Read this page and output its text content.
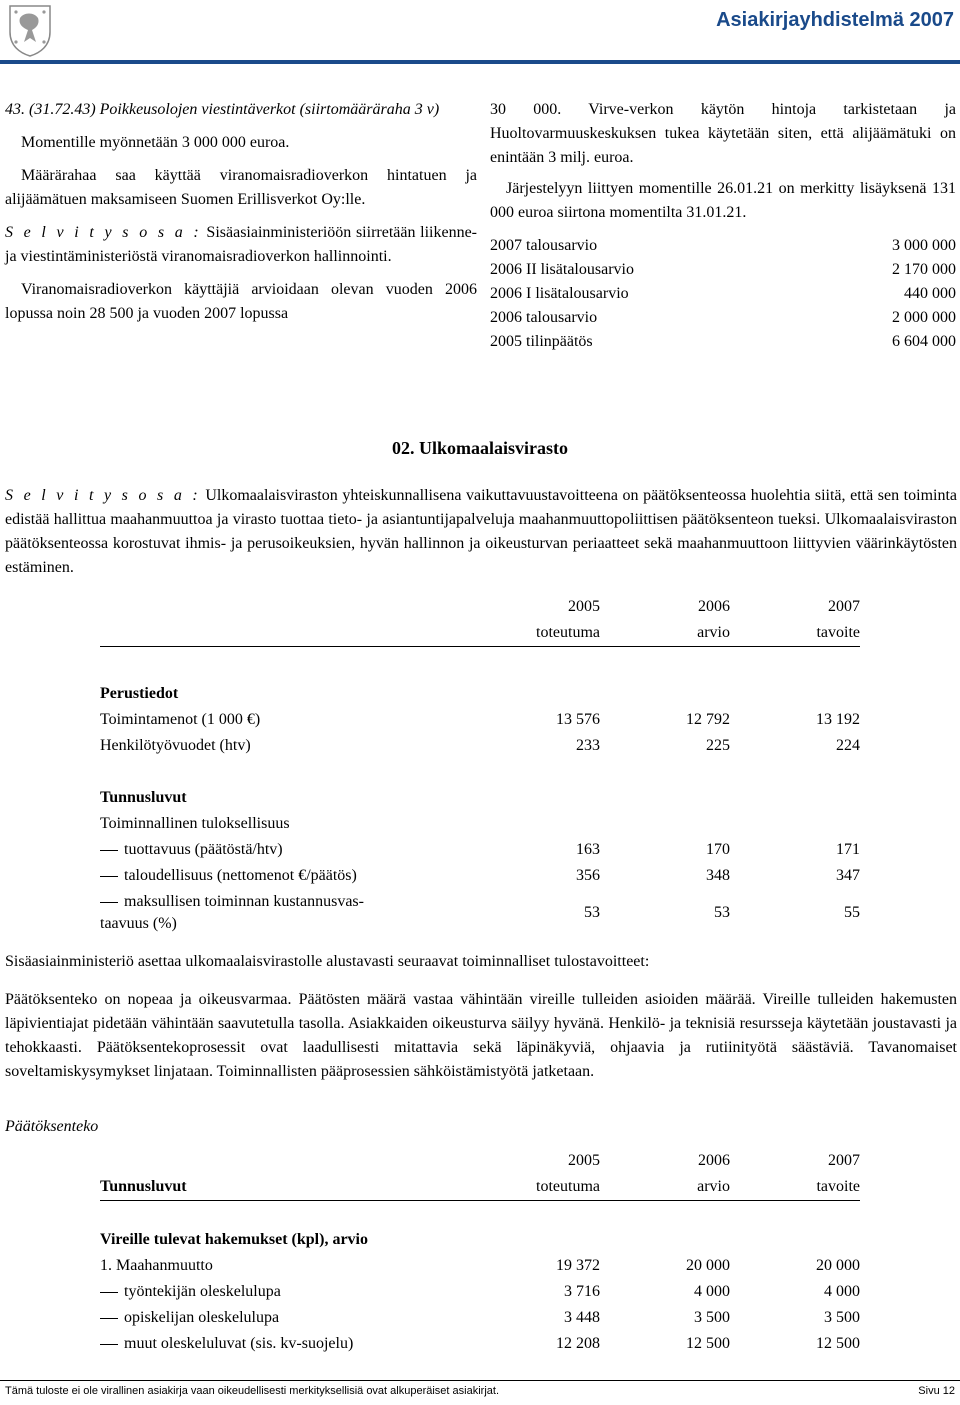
Asiakirjayhdistelmä 2007

43. (31.72.43) Poikkeusolojen viestintäverkot (siirtomääräraha 3 v)

Momentille myönnetään 3 000 000 euroa.

Määrärahaa saa käyttää viranomaisradioverkon hintatuen ja alijäämätuen maksamiseen Suomen Erillisverkot Oy:lle.

S e l v i t y s o s a : Sisäasiainministeriöön siirretään liikenne- ja viestintäministeriöstä viranomaisradioverkon hallinnointi.

Viranomaisradioverkon käyttäjiä arvioidaan olevan vuoden 2006 lopussa noin 28 500 ja vuoden 2007 lopussa

30 000. Virve-verkon käytön hintoja tarkistetaan ja Huoltovarmuuskeskuksen tukea käytetään siten, että alijäämätuki on enintään 3 milj. euroa.

Järjestelyyn liittyen momentille 26.01.21 on merkitty lisäyksenä 131 000 euroa siirtona momentilta 31.01.21.

2007 talousarvio	3 000 000
2006 II lisätalousarvio	2 170 000
2006 I lisätalousarvio	440 000
2006 talousarvio	2 000 000
2005 tilinpäätös	6 604 000
02. Ulkomaalaisvirasto
S e l v i t y s o s a : Ulkomaalaisviraston yhteiskunnallisena vaikuttavuustavoitteena on päätöksenteossa huolehtia siitä, että sen toiminta edistää hallittua maahanmuuttoa ja virasto tuottaa tieto- ja asiantuntijapalveluja maahanmuuttopoliittisen päätöksenteon tueksi. Ulkomaalaisviraston päätöksenteossa korostuvat ihmis- ja perusoikeuksien, hyvän hallinnon ja oikeusturvan periaatteet sekä maahanmuuttoon liittyvien väärinkäytösten estäminen.
	2005	2006	2007
	toteutuma	arvio	tavoite

Perustiedot			
Toimintamenot (1 000 €)	13 576	12 792	13 192
Henkilötyövuodet (htv)	233	225	224

Tunnusluvut			
Toiminnallinen tuloksellisuus			
tuottavuus (päätöstä/htv)	163	170	171
taloudellisuus (nettomenot €/päätös)	356	348	347
maksullisen toiminnan kustannusvas-
taavuus (%)	53	53	55
Sisäasiainministeriö asettaa ulkomaalaisvirastolle alustavasti seuraavat toiminnalliset tulostavoitteet:
Päätöksenteko on nopeaa ja oikeusvarmaa. Päätösten määrä vastaa vähintään vireille tulleiden asioiden määrää. Vireille tulleiden hakemusten läpivientiajat pidetään vähintään saavutetulla tasolla. Asiakkaiden oikeusturva säilyy hyvänä. Henkilö- ja teknisiä resursseja käytetään joustavasti ja tehokkaasti. Päätöksentekoprosessit ovat laadullisesti mitattavia sekä läpinäkyviä, ohjaavia ja rutiinityötä säästäviä. Tavanomaiset soveltamiskysymykset linjataan. Toiminnallisten pääprosessien sähköistämistyötä jatketaan.
Päätöksenteko
	2005	2006	2007
Tunnusluvut	toteutuma	arvio	tavoite

Vireille tulevat hakemukset (kpl), arvio			
1. Maahanmuutto	19 372	20 000	20 000
työntekijän oleskelulupa	3 716	4 000	4 000
opiskelijan oleskelulupa	3 448	3 500	3 500
muut oleskeluluvat (sis. kv-suojelu)	12 208	12 500	12 500
Tämä tuloste ei ole virallinen asiakirja vaan oikeudellisesti merkityksellisiä ovat alkuperäiset asiakirjat.	Sivu 12
